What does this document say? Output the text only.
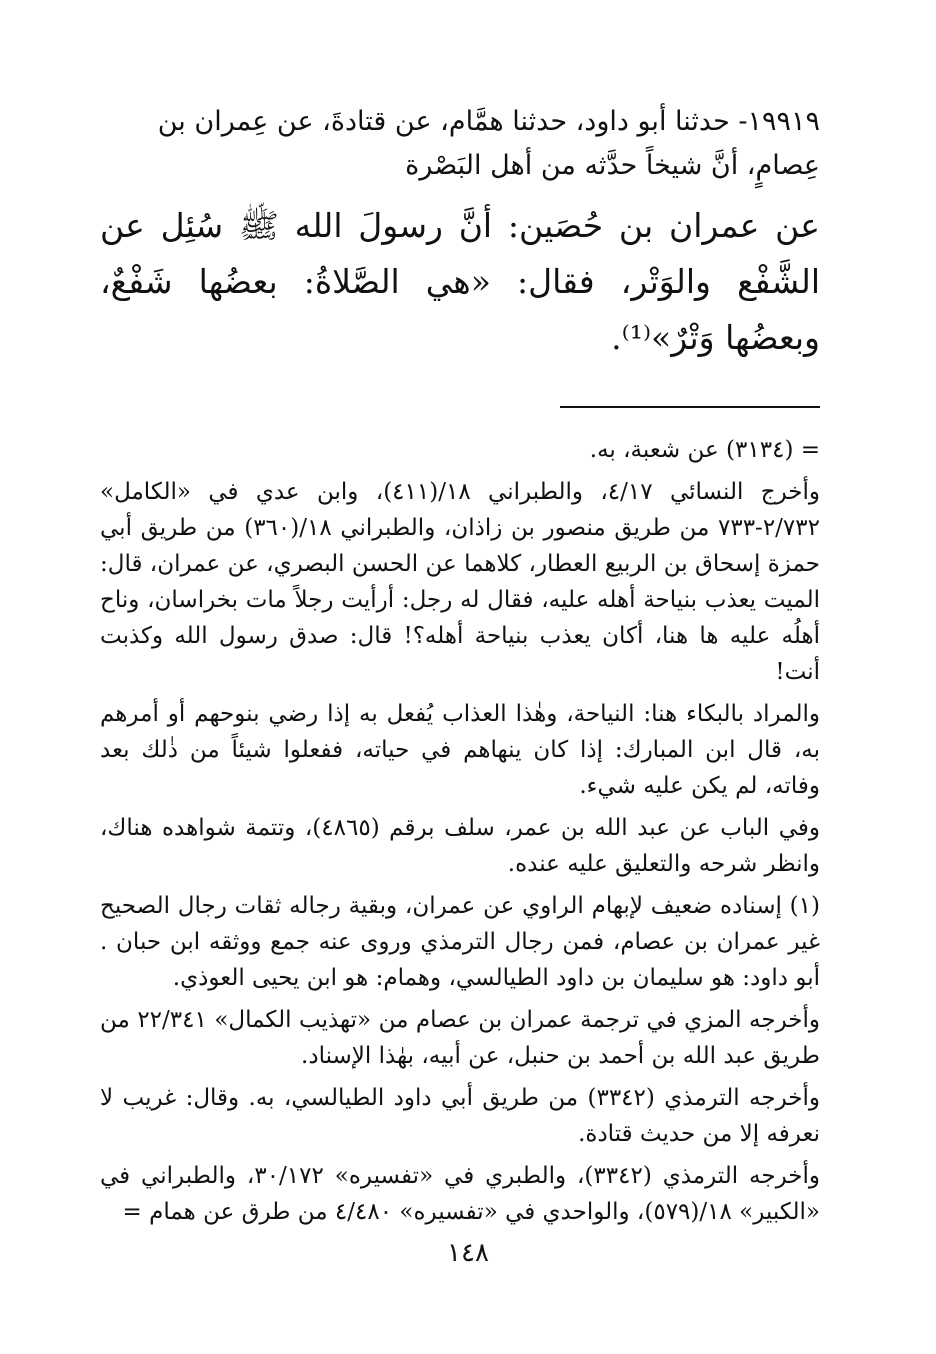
١٩٩١٩- حدثنا أبو داود، حدثنا همَّام، عن قتادةَ، عن عِمران بن

عِصامٍ، أنَّ شيخاً حدَّثه من أهل البَصْرة

عن عمران بن حُصَين: أنَّ رسولَ الله ﷺ سُئِل عن الشَّفْع والوَتْر، فقال: «هي الصَّلاةُ: بعضُها شَفْعٌ، وبعضُها وَتْرٌ»⁽¹⁾.

= (٣١٣٤) عن شعبة، به.

وأخرج النسائي ٤/١٧، والطبراني ١٨/(٤١١)، وابن عدي في «الكامل» ٢/٧٣٢-٧٣٣ من طريق منصور بن زاذان، والطبراني ١٨/(٣٦٠) من طريق أبي حمزة إسحاق بن الربيع العطار، كلاهما عن الحسن البصري، عن عمران، قال: الميت يعذب بنياحة أهله عليه، فقال له رجل: أرأيت رجلاً مات بخراسان، وناح أهلُه عليه ها هنا، أكان يعذب بنياحة أهله؟! قال: صدق رسول الله وكذبت أنت!

والمراد بالبكاء هنا: النياحة، وهٰذا العذاب يُفعل به إذا رضي بنوحهم أو أمرهم به، قال ابن المبارك: إذا كان ينهاهم في حياته، ففعلوا شيئاً من ذٰلك بعد وفاته، لم يكن عليه شيء.

وفي الباب عن عبد الله بن عمر، سلف برقم (٤٨٦٥)، وتتمة شواهده هناك، وانظر شرحه والتعليق عليه عنده.

(١) إسناده ضعيف لإبهام الراوي عن عمران، وبقية رجاله ثقات رجال الصحيح غير عمران بن عصام، فمن رجال الترمذي وروى عنه جمع ووثقه ابن حبان . أبو داود: هو سليمان بن داود الطيالسي، وهمام: هو ابن يحيى العوذي.

وأخرجه المزي في ترجمة عمران بن عصام من «تهذيب الكمال» ٢٢/٣٤١ من طريق عبد الله بن أحمد بن حنبل، عن أبيه، بهٰذا الإسناد.

وأخرجه الترمذي (٣٣٤٢) من طريق أبي داود الطيالسي، به. وقال: غريب لا نعرفه إلا من حديث قتادة.

وأخرجه الترمذي (٣٣٤٢)، والطبري في «تفسيره» ٣٠/١٧٢، والطبراني في «الكبير» ١٨/(٥٧٩)، والواحدي في «تفسيره» ٤/٤٨٠ من طرق عن همام =

١٤٨
